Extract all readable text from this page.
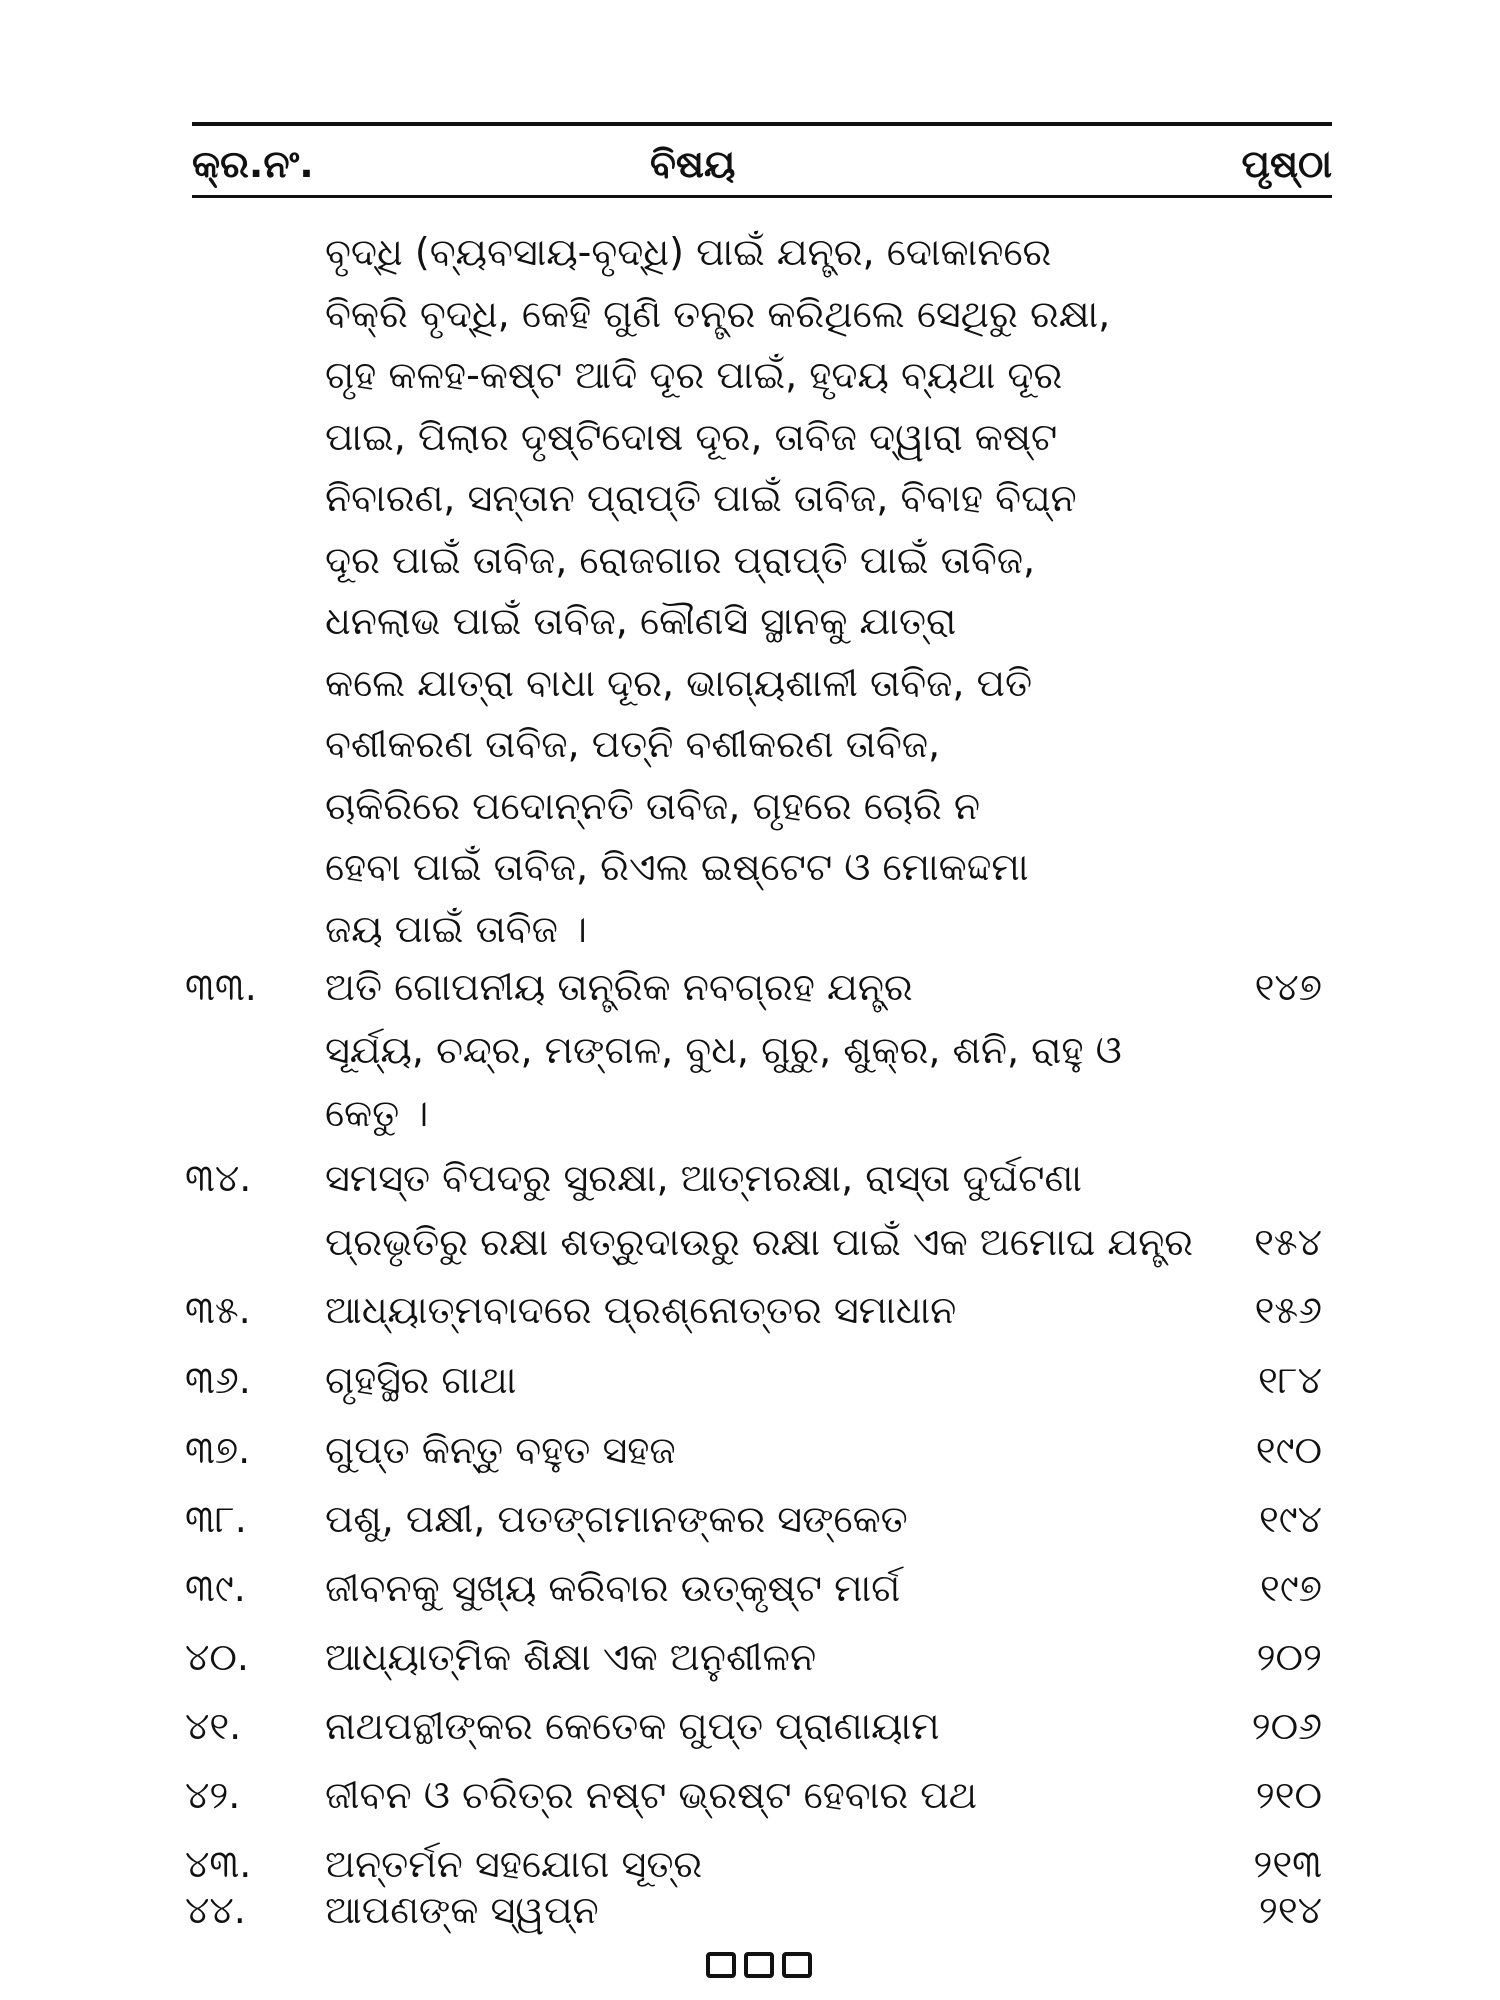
କ୍ର.ନଂ.	ବିଷୟ	ପୃଷ୍ଠା
ବୃଦ୍ଧି (ବ୍ୟବସାୟ-ବୃଦ୍ଧି) ପାଇଁ ଯନ୍ତ୍ର, ଦୋକାନରେ
ବିକ୍ରି ବୃଦ୍ଧି, କେହି ଗୁଣି ତନ୍ତ୍ର କରିଥିଲେ ସେଥିରୁ ରକ୍ଷା,
ଗୃହ କଳହ-କଷ୍ଟ ଆଦି ଦୂର ପାଇଁ, ହୃଦୟ ବ୍ୟଥା ଦୂର
ପାଇ, ପିଲାର ଦୃଷ୍ଟିଦୋଷ ଦୂର, ତାବିଜ ଦ୍ୱାରା କଷ୍ଟ
ନିବାରଣ, ସନ୍ତାନ ପ୍ରାପ୍ତି ପାଇଁ ତାବିଜ, ବିବାହ ବିଘ୍ନ
ଦୂର ପାଇଁ ତାବିଜ, ରୋଜଗାର ପ୍ରାପ୍ତି ପାଇଁ ତାବିଜ,
ଧନଲାଭ ପାଇଁ ତାବିଜ, କୌଣସି ସ୍ଥାନକୁ ଯାତ୍ରା
କଲେ ଯାତ୍ରା ବାଧା ଦୂର, ଭାଗ୍ୟଶାଳୀ ତାବିଜ, ପତି
ବଶୀକରଣ ତାବିଜ, ପତ୍ନି ବଶୀକରଣ ତାବିଜ,
ଚାକିରିରେ ପଦୋନ୍ନତି ତାବିଜ, ଗୃହରେ ଚୋରି ନ
ହେବା ପାଇଁ ତାବିଜ, ରିଏଲ ଇଷ୍ଟେଟ ଓ ମୋକଦ୍ଦମା
ଜୟ ପାଇଁ ତାବିଜ ।
୩୩. ଅତି ଗୋପନୀୟ ତାନ୍ତ୍ରିକ ନବଗ୍ରହ ଯନ୍ତ୍ର	୧୪୭
ସୂର୍ଯ୍ୟ, ଚନ୍ଦ୍ର, ମଙ୍ଗଳ, ବୁଧ, ଗୁରୁ, ଶୁକ୍ର, ଶନି, ରାହୁ ଓ
କେତୁ ।
୩୪. ସମସ୍ତ ବିପଦରୁ ସୁରକ୍ଷା, ଆତ୍ମରକ୍ଷା, ରାସ୍ତା ଦୁର୍ଘଟଣା
ପ୍ରଭୃତିରୁ ରକ୍ଷା ଶତ୍ରୁଦାଉରୁ ରକ୍ଷା ପାଇଁ ଏକ ଅମୋଘ ଯନ୍ତ୍ର ୧୫୪
୩୫. ଆଧ୍ୟାତ୍ମବାଦରେ ପ୍ରଶ୍ନୋତ୍ତର ସମାଧାନ	୧୫୬
୩୬. ଗୃହସ୍ଥିର ଗାଥା	୧୮୪
୩୭. ଗୁପ୍ତ କିନ୍ତୁ ବହୁତ ସହଜ	୧୯୦
୩୮. ପଶୁ, ପକ୍ଷୀ, ପତଙ୍ଗମାନଙ୍କର ସଙ୍କେତ	୧୯୪
୩୯. ଜୀବନକୁ ସୁଖ୍ୟ କରିବାର ଉତ୍କୃଷ୍ଟ ମାର୍ଗ	୧୯୭
୪୦. ଆଧ୍ୟାତ୍ମିକ ଶିକ୍ଷା ଏକ ଅନୁଶୀଳନ	୨୦୨
୪୧. ନାଥପନ୍ଥୀଙ୍କର କେତେକ ଗୁପ୍ତ ପ୍ରାଣାୟାମ	୨୦୬
୪୨. ଜୀବନ ଓ ଚରିତ୍ର ନଷ୍ଟ ଭ୍ରଷ୍ଟ ହେବାର ପଥ	୨୧୦
୪୩. ଅନ୍ତର୍ମନ ସହଯୋଗ ସୂତ୍ର	୨୧୩
୪୪. ଆପଣଙ୍କ ସ୍ୱପ୍ନ	୨୧୪
